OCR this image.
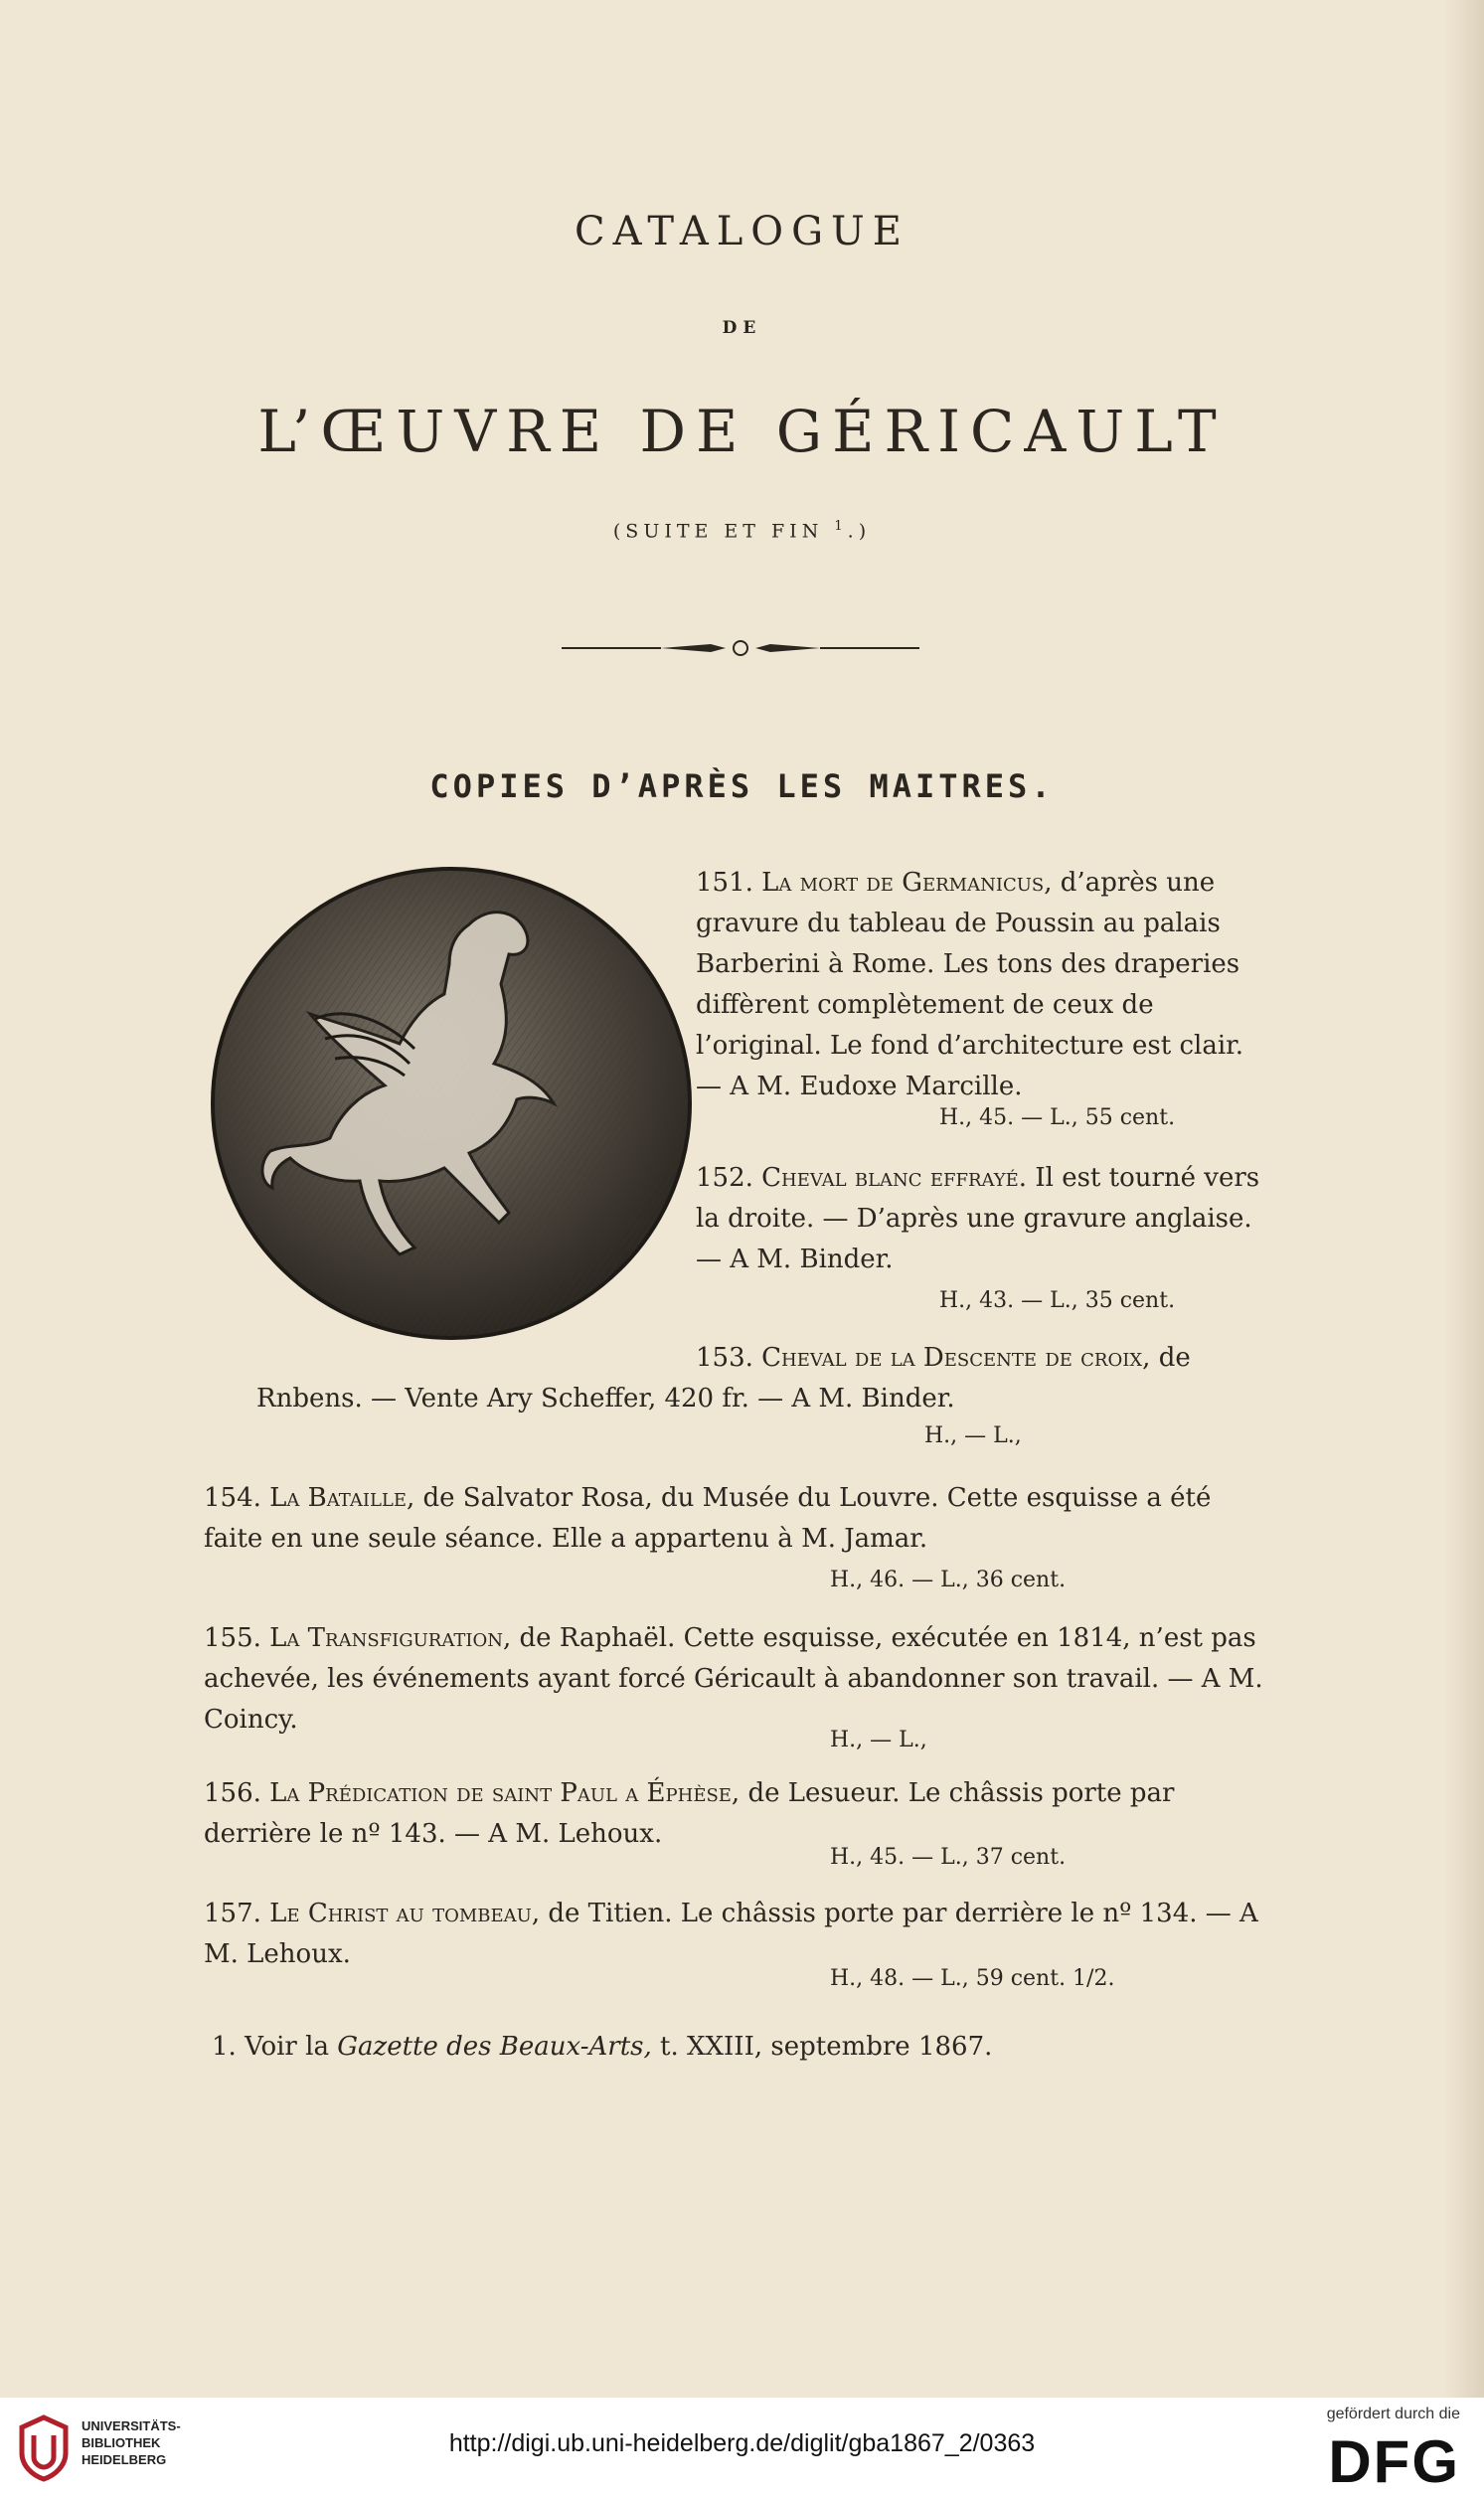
CATALOGUE
DE
L’ŒUVRE DE GÉRICAULT
(SUITE ET FIN $^1$.)
COPIES D’APRÈS LES MAITRES.
151. La mort de Germanicus, d’après une gravure du tableau de Poussin au palais Barberini à Rome. Les tons des draperies diffèrent complètement de ceux de l’original. Le fond d’architecture est clair. — A M. Eudoxe Marcille.
H., 45. — L., 55 cent.
152. Cheval blanc effrayé. Il est tourné vers la droite. — D’après une gravure anglaise. — A M. Binder.
H., 43. — L., 35 cent.
153. Cheval de la Descente de croix, de
Rnbens. — Vente Ary Scheffer, 420 fr. — A M. Binder.
H., — L.,
154. La Bataille, de Salvator Rosa, du Musée du Louvre. Cette esquisse a été faite en une seule séance. Elle a appartenu à M. Jamar.
H., 46. — L., 36 cent.
155. La Transfiguration, de Raphaël. Cette esquisse, exécutée en 1814, n’est pas achevée, les événements ayant forcé Géricault à abandonner son travail. — A M. Coincy.
H., — L.,
156. La Prédication de saint Paul a Éphèse, de Lesueur. Le châssis porte par derrière le nº 143. — A M. Lehoux.
H., 45. — L., 37 cent.
157. Le Christ au tombeau, de Titien. Le châssis porte par derrière le nº 134. — A M. Lehoux.
H., 48. — L., 59 cent. 1/2.
1. Voir la Gazette des Beaux-Arts, t. XXIII, septembre 1867.
UNIVERSITÄTS-
BIBLIOTHEK
HEIDELBERG
http://digi.ub.uni-heidelberg.de/diglit/gba1867_2/0363
gefördert durch die
DFG
